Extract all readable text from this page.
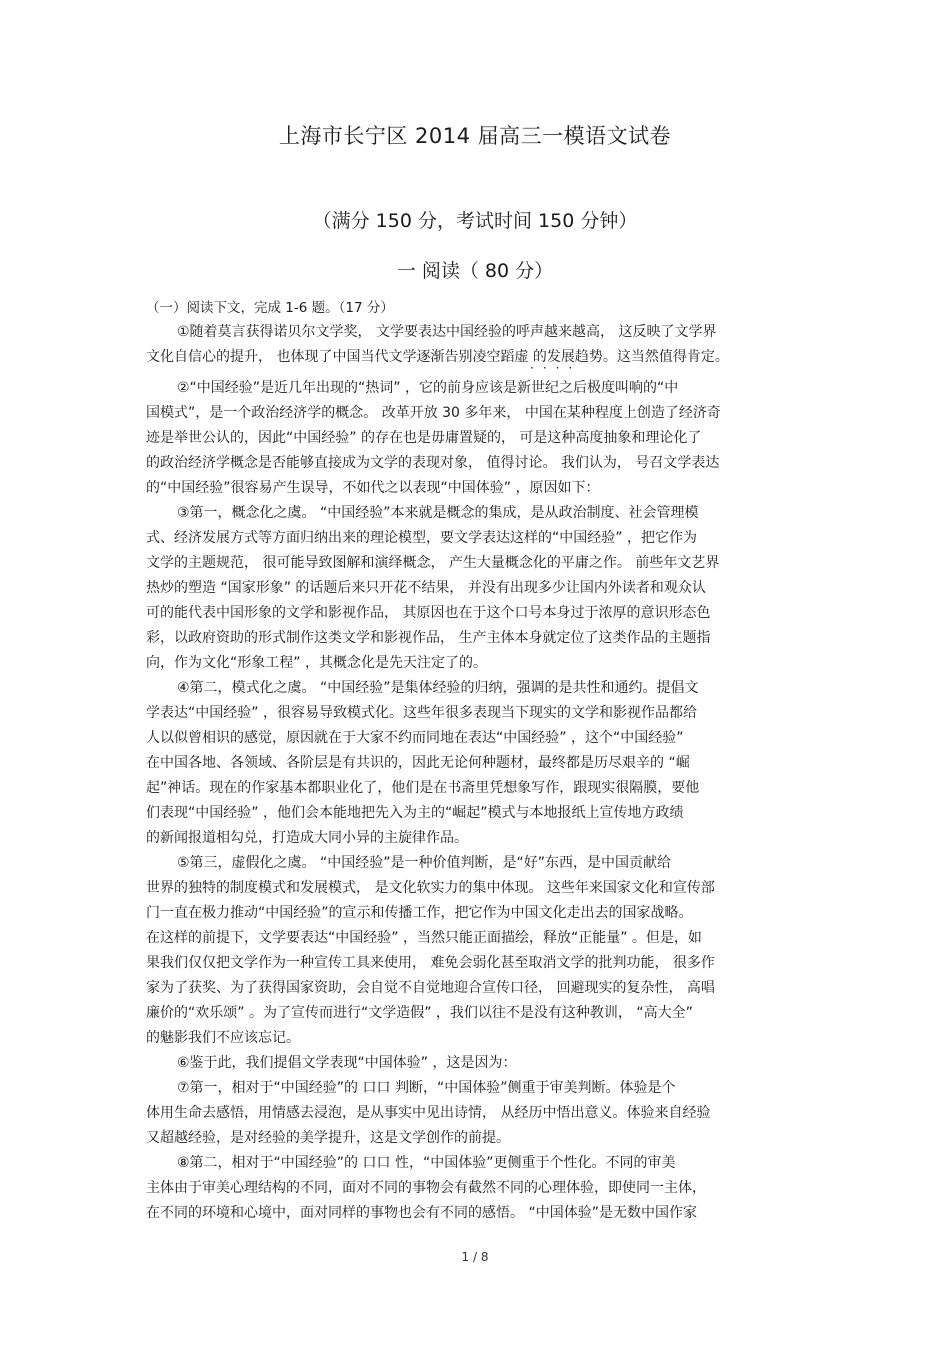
上海市长宁区 2014 届高三一模语文试卷
（满分 150 分，考试时间 150 分钟）
一 阅读（ 80 分）
（一）阅读下文，完成 1-6 题。（17 分）
①随着莫言获得诺贝尔文学奖， 文学要表达中国经验的呼声越来越高， 这反映了文学界
文化自信心的提升， 也体现了中国当代文学逐渐告别凌空蹈虚 的发展趋势。这当然值得肯定。
····
②“中国经验”是近几年出现的“热词” ，它的前身应该是新世纪之后极度叫响的“中
国模式”，是一个政治经济学的概念。 改革开放 30 多年来， 中国在某种程度上创造了经济奇
迹是举世公认的，因此“中国经验” 的存在也是毋庸置疑的， 可是这种高度抽象和理论化了
的政治经济学概念是否能够直接成为文学的表现对象， 值得讨论。 我们认为， 号召文学表达
的“中国经验”很容易产生误导，不如代之以表现“中国体验” ，原因如下：
③第一，概念化之虞。 “中国经验”本来就是概念的集成，是从政治制度、社会管理模
式、经济发展方式等方面归纳出来的理论模型，要文学表达这样的“中国经验” ，把它作为
文学的主题规范， 很可能导致图解和演绎概念， 产生大量概念化的平庸之作。 前些年文艺界
热炒的塑造 “国家形象” 的话题后来只开花不结果， 并没有出现多少让国内外读者和观众认
可的能代表中国形象的文学和影视作品， 其原因也在于这个口号本身过于浓厚的意识形态色
彩，以政府资助的形式制作这类文学和影视作品， 生产主体本身就定位了这类作品的主题指
向，作为文化“形象工程” ，其概念化是先天注定了的。
④第二，模式化之虞。 “中国经验”是集体经验的归纳，强调的是共性和通约。提倡文
学表达“中国经验” ，很容易导致模式化。这些年很多表现当下现实的文学和影视作品都给
人以似曾相识的感觉，原因就在于大家不约而同地在表达“中国经验” ，这个“中国经验”
在中国各地、各领域、各阶层是有共识的，因此无论何种题材，最终都是历尽艰辛的 “崛
起”神话。现在的作家基本都职业化了，他们是在书斋里凭想象写作，跟现实很隔膜，要他
们表现“中国经验” ，他们会本能地把先入为主的“崛起”模式与本地报纸上宣传地方政绩
的新闻报道相勾兑，打造成大同小异的主旋律作品。
⑤第三，虚假化之虞。 “中国经验”是一种价值判断，是“好”东西，是中国贡献给
世界的独特的制度模式和发展模式， 是文化软实力的集中体现。 这些年来国家文化和宣传部
门一直在极力推动“中国经验”的宣示和传播工作，把它作为中国文化走出去的国家战略。
在这样的前提下，文学要表达“中国经验” ，当然只能正面描绘，释放“正能量” 。但是，如
果我们仅仅把文学作为一种宣传工具来使用， 难免会弱化甚至取消文学的批判功能， 很多作
家为了获奖、为了获得国家资助，会自觉不自觉地迎合宣传口径， 回避现实的复杂性， 高唱
廉价的“欢乐颂” 。为了宣传而进行“文学造假” ，我们以往不是没有这种教训， “高大全”
的魅影我们不应该忘记。
⑥鉴于此，我们提倡文学表现“中国体验” ，这是因为：
⑦第一，相对于“中国经验”的 口口 判断，“中国体验”侧重于审美判断。体验是个
体用生命去感悟，用情感去浸泡，是从事实中见出诗情， 从经历中悟出意义。体验来自经验
又超越经验，是对经验的美学提升，这是文学创作的前提。
⑧第二，相对于“中国经验”的 口口 性，“中国体验”更侧重于个性化。不同的审美
主体由于审美心理结构的不同，面对不同的事物会有截然不同的心理体验，即使同一主体，
在不同的环境和心境中，面对同样的事物也会有不同的感悟。 “中国体验”是无数中国作家
1 / 8
